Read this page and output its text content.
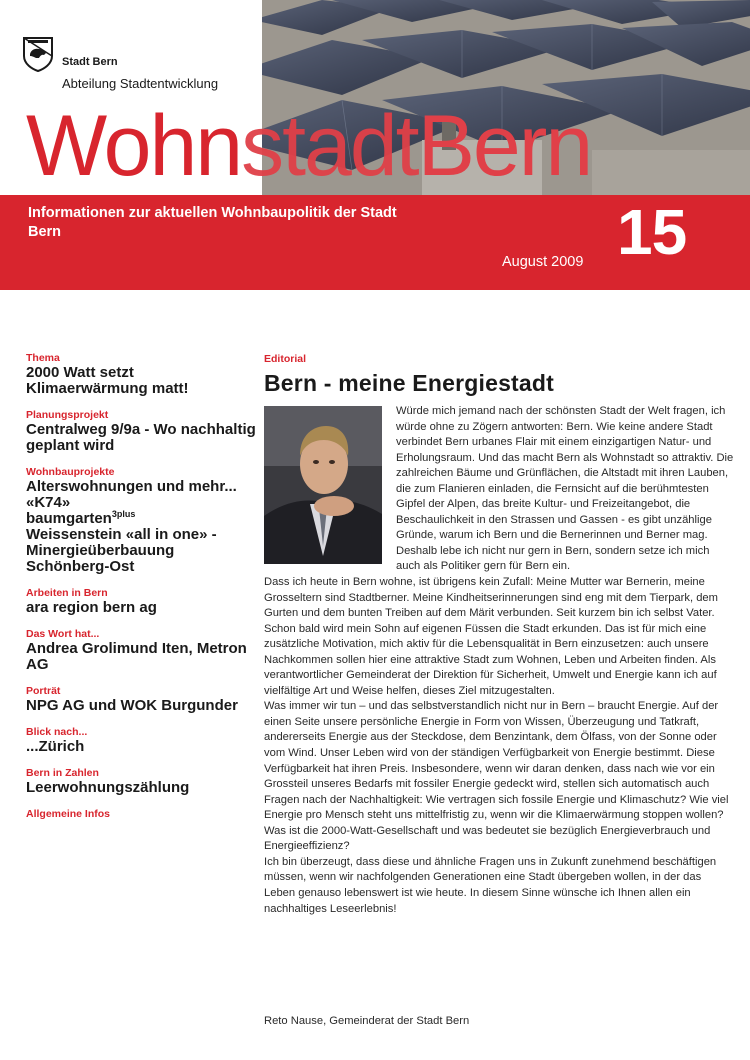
Stadt Bern
Abteilung Stadtentwicklung
WohnstadtBern
Informationen zur aktuellen Wohnbaupolitik der Stadt Bern
August 2009 15
Thema
2000 Watt setzt Klimaerwärmung matt!
Planungsprojekt
Centralweg 9/9a - Wo nachhaltig geplant wird
Wohnbauprojekte
Alterswohnungen und mehr... «K74»
baumgarten$^{3plus}$
Weissenstein «all in one» - Minergieüberbauung Schönberg-Ost
Arbeiten in Bern
ara region bern ag
Das Wort hat...
Andrea Grolimund Iten, Metron AG
Porträt
NPG AG und WOK Burgunder
Blick nach...
...Zürich
Bern in Zahlen
Leerwohnungszählung
Allgemeine Infos
Editorial
Bern - meine Energiestadt

Würde mich jemand nach der schönsten Stadt der Welt fragen, ich würde ohne zu Zögern antworten: Bern. Wie keine andere Stadt verbindet Bern urbanes Flair mit einem einzigartigen Natur- und Erholungsraum. Und das macht Bern als Wohnstadt so attraktiv. Die zahlreichen Bäume und Grünflächen, die Altstadt mit ihren Lauben, die zum Flanieren einladen, die Fernsicht auf die berühmtesten Gipfel der Alpen, das breite Kultur- und Freizeitangebot, die Beschaulichkeit in den Strassen und Gassen - es gibt unzählige Gründe, warum ich Bern und die Bernerinnen und Berner mag. Deshalb lebe ich nicht nur gern in Bern, sondern setze ich mich auch als Politiker gern für Bern ein.

Dass ich heute in Bern wohne, ist übrigens kein Zufall: Meine Mutter war Bernerin, meine Grosseltern sind Stadtberner. Meine Kindheitserinnerungen sind eng mit dem Tierpark, dem Gurten und dem bunten Treiben auf dem Märit verbunden. Seit kurzem bin ich selbst Vater. Schon bald wird mein Sohn auf eigenen Füssen die Stadt erkunden. Das ist für mich eine zusätzliche Motivation, mich aktiv für die Lebensqualität in Bern einzusetzen: auch unsere Nachkommen sollen hier eine attraktive Stadt zum Wohnen, Leben und Arbeiten finden. Als verantwortlicher Gemeinderat der Direktion für Sicherheit, Umwelt und Energie kann ich auf vielfältige Art und Weise helfen, dieses Ziel mitzugestalten.

Was immer wir tun – und das selbstverstandlich nicht nur in Bern – braucht Energie. Auf der einen Seite unsere persönliche Energie in Form von Wissen, Überzeugung und Tatkraft, andererseits Energie aus der Steckdose, dem Benzintank, dem Ölfass, von der Sonne oder vom Wind. Unser Leben wird von der ständigen Verfügbarkeit von Energie bestimmt. Diese Verfügbarkeit hat ihren Preis. Insbesondere, wenn wir daran denken, dass nach wie vor ein Grossteil unseres Bedarfs mit fossiler Energie gedeckt wird, stellen sich automatisch auch Fragen nach der Nachhaltigkeit: Wie vertragen sich fossile Energie und Klimaschutz? Wie viel Energie pro Mensch steht uns mittelfristig zu, wenn wir die Klimaerwärmung stoppen wollen? Was ist die 2000-Watt-Gesellschaft und was bedeutet sie bezüglich Energieverbrauch und Energieeffizienz?

Ich bin überzeugt, dass diese und ähnliche Fragen uns in Zukunft zunehmend beschäftigen müssen, wenn wir nachfolgenden Generationen eine Stadt übergeben wollen, in der das Leben genauso lebenswert ist wie heute. In diesem Sinne wünsche ich Ihnen allen ein nachhaltiges Leseerlebnis!

Reto Nause, Gemeinderat der Stadt Bern
